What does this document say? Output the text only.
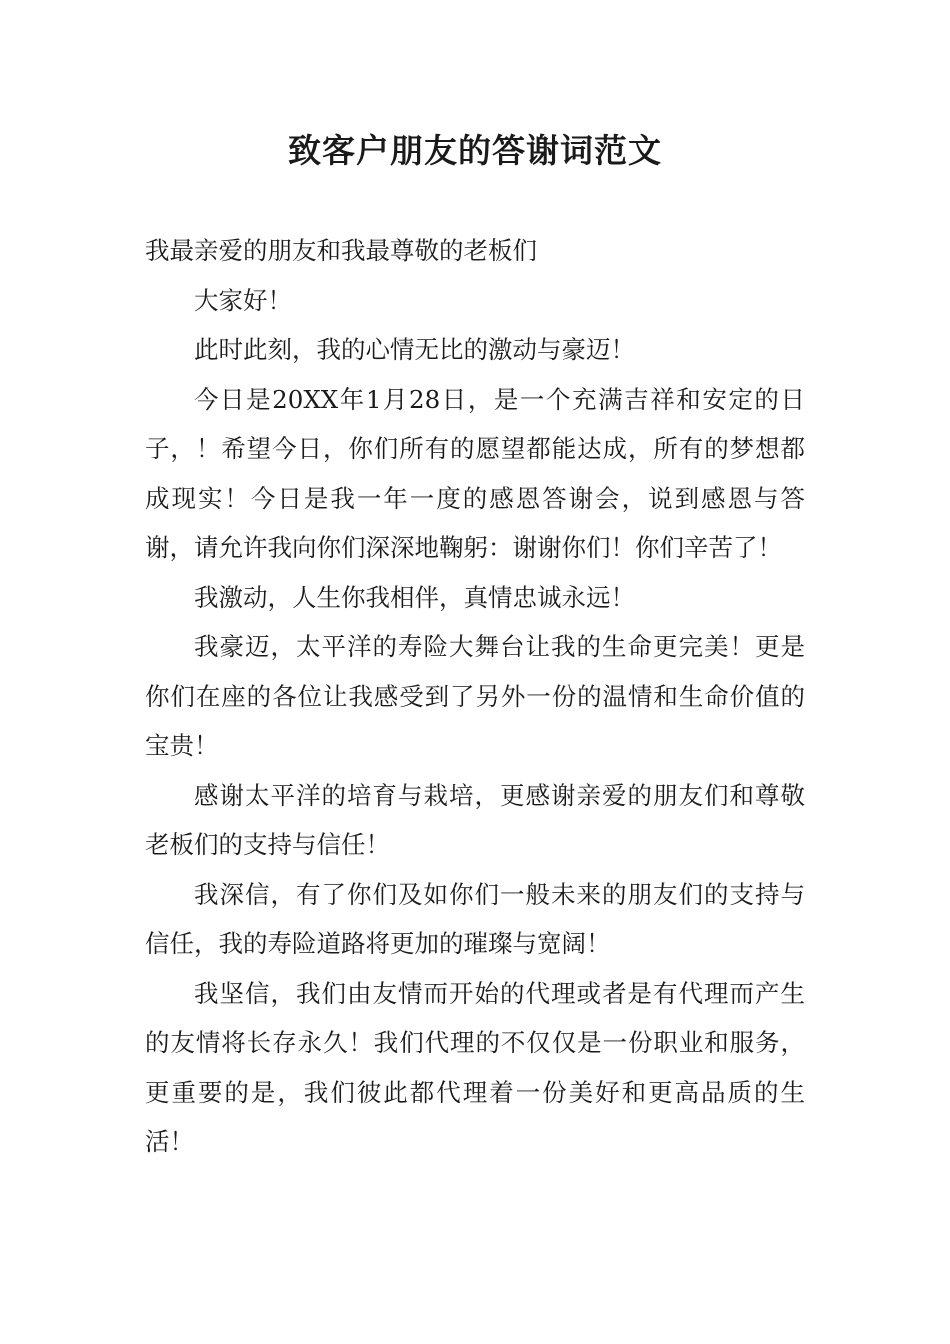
致客户朋友的答谢词范文

我最亲爱的朋友和我最尊敬的老板们

大家好！

此时此刻，我的心情无比的激动与豪迈！

今日是20XX年1月28日，是一个充满吉祥和安定的日子，！希望今日，你们所有的愿望都能达成，所有的梦想都成现实！今日是我一年一度的感恩答谢会，说到感恩与答谢，请允许我向你们深深地鞠躬：谢谢你们！你们辛苦了！

我激动，人生你我相伴，真情忠诚永远！

我豪迈，太平洋的寿险大舞台让我的生命更完美！更是你们在座的各位让我感受到了另外一份的温情和生命价值的宝贵！

感谢太平洋的培育与栽培，更感谢亲爱的朋友们和尊敬老板们的支持与信任！

我深信，有了你们及如你们一般未来的朋友们的支持与信任，我的寿险道路将更加的璀璨与宽阔！

我坚信，我们由友情而开始的代理或者是有代理而产生的友情将长存永久！我们代理的不仅仅是一份职业和服务，更重要的是，我们彼此都代理着一份美好和更高品质的生活！
